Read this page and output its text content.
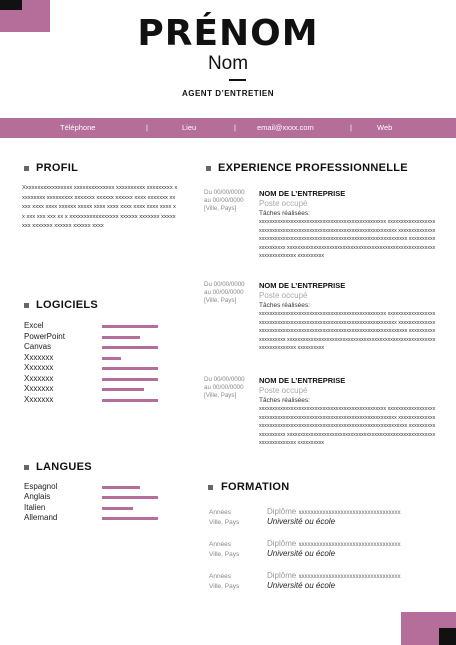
PRÉNOM
Nom
AGENT D’ENTRETIEN
Téléphone	|	Lieu	|	email@xxxx.com	|	Web
PROFIL
Xxxxxxxxxxxxxxxxx xxxxxxxxxxxxxx xxxxxxxxxx xxxxxxxxx xxxxxxxxx xxxxxxxxx xxxxxxx xxxxxx xxxxxx xxxx xxxxxxx xxxxx xxxx xxxx xxxxxx xxxxx xxxx xxxx xxxx xxxx xxxx xxxx xx xxx xxx xxx xx x xxxxxxxxxxxxxxxxx xxxxxx xxxxxxx xxxxxxxx xxxxxxx xxxxxx xxxxxx xxxx
LOGICIELS
Excel
PowerPoint
Canvas
Xxxxxxx
Xxxxxxx
Xxxxxxx
Xxxxxxx
Xxxxxxx
LANGUES
Espagnol
Anglais
Italien
Allemand
EXPERIENCE PROFESSIONNELLE
Du 00/00/0000
au 00/00/0000
[Ville, Pays]
NOM DE L’ENTREPRISE
Poste occupé
Tâches réalisées:
xxxxxxxxxxxxxxxxxxxxxxxxxxxxxxxxxxxxxxxxxxxxxxxx xxxxxxxxxxxxxxxxxxxxxxxxxxxxxxxxxxxxxxxxxxxxxxxxxxxxxxxxxxxxxxxxxxxxxx xxxxxxxxxxxxxxxxxxxxxxxxxxxxxxxxxxxxxxxxxxxxxxxxxxxxxxxxxxxxxxxxxxxxxx xxxxxxxxxxxxxxxxxxxx xxxxxxxxxxxxxxxxxxxxxxxxxxxxxxxxxxxxxxxxxxxxxxxxxxxxxxxxxxxxxxxxxxxxxx xxxxxxxxxx
Du 00/00/0000
au 00/00/0000
[Ville, Pays]
NOM DE L’ENTREPRISE
Poste occupé
Tâches réalisées:
xxxxxxxxxxxxxxxxxxxxxxxxxxxxxxxxxxxxxxxxxxxxxxxx xxxxxxxxxxxxxxxxxxxxxxxxxxxxxxxxxxxxxxxxxxxxxxxxxxxxxxxxxxxxxxxxxxxxxx xxxxxxxxxxxxxxxxxxxxxxxxxxxxxxxxxxxxxxxxxxxxxxxxxxxxxxxxxxxxxxxxxxxxxx xxxxxxxxxxxxxxxxxxxx xxxxxxxxxxxxxxxxxxxxxxxxxxxxxxxxxxxxxxxxxxxxxxxxxxxxxxxxxxxxxxxxxxxxxx xxxxxxxxxx
Du 00/00/0000
au 00/00/0000
[Ville, Pays]
NOM DE L’ENTREPRISE
Poste occupé
Tâches réalisées:
xxxxxxxxxxxxxxxxxxxxxxxxxxxxxxxxxxxxxxxxxxxxxxxx xxxxxxxxxxxxxxxxxxxxxxxxxxxxxxxxxxxxxxxxxxxxxxxxxxxxxxxxxxxxxxxxxxxxxx xxxxxxxxxxxxxxxxxxxxxxxxxxxxxxxxxxxxxxxxxxxxxxxxxxxxxxxxxxxxxxxxxxxxxx xxxxxxxxxxxxxxxxxxxx xxxxxxxxxxxxxxxxxxxxxxxxxxxxxxxxxxxxxxxxxxxxxxxxxxxxxxxxxxxxxxxxxxxxxx xxxxxxxxxx
FORMATION
Années
Ville, Pays
Diplôme xxxxxxxxxxxxxxxxxxxxxxxxxxxxxxxxxx
Université ou école
Années
Ville, Pays
Diplôme xxxxxxxxxxxxxxxxxxxxxxxxxxxxxxxxxx
Université ou école
Années
Ville, Pays
Diplôme xxxxxxxxxxxxxxxxxxxxxxxxxxxxxxxxxx
Université ou école
